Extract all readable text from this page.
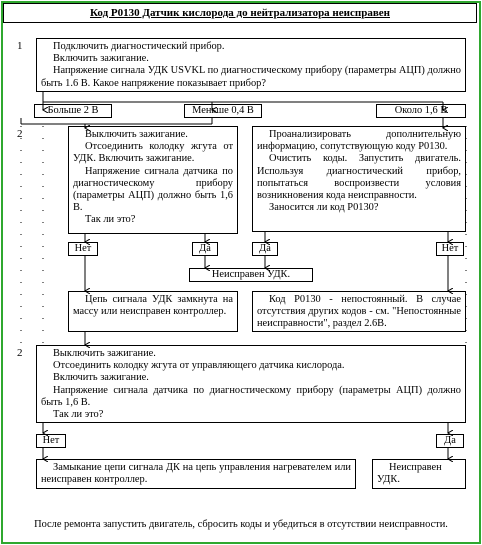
Код P0130 Датчик кислорода до нейтрализатора неисправен
1
2
2

Подключить диагностический прибор.

Включить зажигание.

Напряжение сигнала УДК USVKL по диагностическому прибору (параметры АЦП) должно быть 1.6 В. Какое напряжение показывает прибор?

Больше 2 В	Меньше 0,4 В	Около 1,6 В

Выключить зажигание.

Отсоединить колодку жгута от УДК. Включить зажигание.

Напряжение сигнала датчика по диагностическому прибору (параметры АЦП) должно быть 1,6 В.

Так ли это?

Проанализировать дополнительную информацию, сопутствующую коду P0130.

Очистить коды. Запустить двигатель. Используя диагностический прибор, попытаться воспроизвести условия возникновения кода неисправности.

Заносится ли код P0130?

Нет	Да	Да	Нет
Неисправен УДК.

Цепь сигнала УДК замкнута на массу или неисправен контроллер.

Код P0130 - непостоянный. В случае отсутствия других кодов - см. "Непостоянные неисправности", раздел 2.6В.

Выключить зажигание.

Отсоединить колодку жгута от управляющего датчика кислорода.

Включить зажигание.

Напряжение сигнала датчика по диагностическому прибору (параметры АЦП) должно быть 1,6 В.

Так ли это?

Нет	Да

Замыкание цепи сигнала ДК на цепь управления нагревателем или неисправен контроллер.

Неисправен УДК.

После ремонта запустить двигатель, сбросить коды и убедиться в отсутствии неисправности.
